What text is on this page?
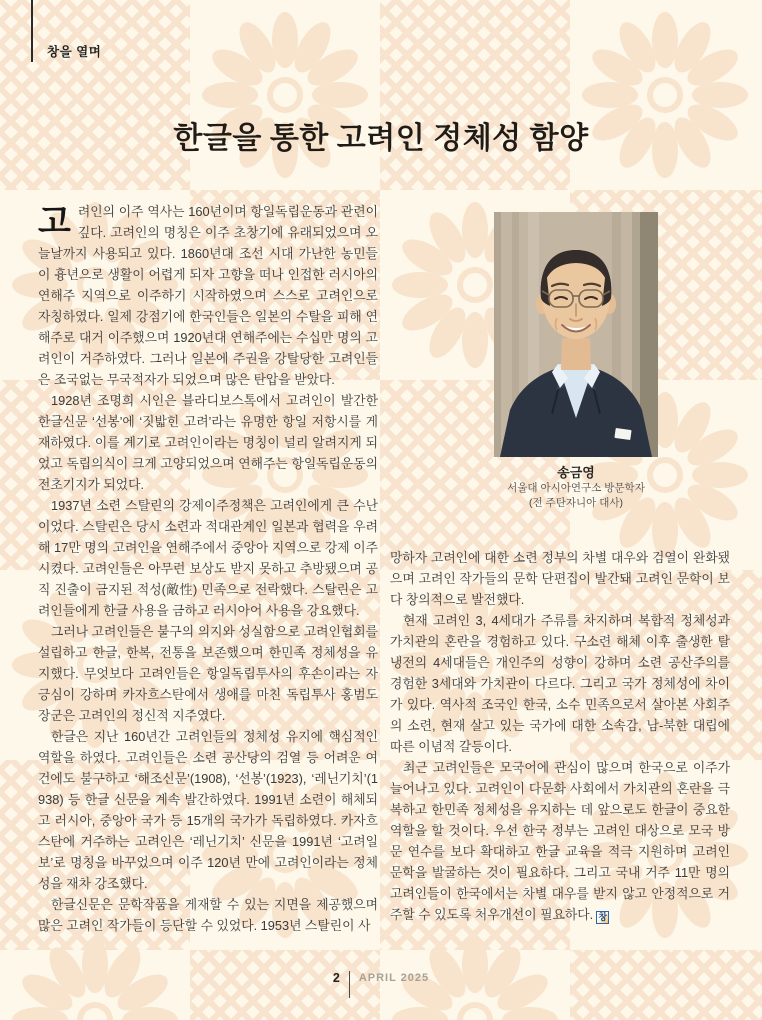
창을 열며
한글을 통한 고려인 정체성 함양

고려인의 이주 역사는 160년이며 항일독립운동과 관련이 깊다. 고려인의 명칭은 이주 초창기에 유래되었으며 오늘날까지 사용되고 있다. 1860년대 조선 시대 가난한 농민들이 흉년으로 생활이 어렵게 되자 고향을 떠나 인접한 러시아의 연해주 지역으로 이주하기 시작하였으며 스스로 고려인으로 자칭하였다. 일제 강점기에 한국인들은 일본의 수탈을 피해 연해주로 대거 이주했으며 1920년대 연해주에는 수십만 명의 고려인이 거주하였다. 그러나 일본에 주권을 강탈당한 고려인들은 조국없는 무국적자가 되었으며 많은 탄압을 받았다.

1928년 조명희 시인은 블라디보스톡에서 고려인이 발간한 한글신문 ‘선봉’에 ‘짓밟힌 고려’라는 유명한 항일 저항시를 게재하였다. 이를 계기로 고려인이라는 명칭이 널리 알려지게 되었고 독립의식이 크게 고양되었으며 연해주는 항일독립운동의 전초기지가 되었다.

1937년 소련 스탈린의 강제이주정책은 고려인에게 큰 수난이었다. 스탈린은 당시 소련과 적대관계인 일본과 협력을 우려해 17만 명의 고려인을 연해주에서 중앙아 지역으로 강제 이주시켰다. 고려인들은 아무런 보상도 받지 못하고 추방됐으며 공직 진출이 금지된 적성(敵性) 민족으로 전락했다. 스탈린은 고려인들에게 한글 사용을 금하고 러시아어 사용을 강요했다.

그러나 고려인들은 불구의 의지와 성실함으로 고려인협회를 설립하고 한글, 한복, 전통을 보존했으며 한민족 정체성을 유지했다. 무엇보다 고려인들은 항일독립투사의 후손이라는 자긍심이 강하며 카자흐스탄에서 생애를 마친 독립투사 홍범도 장군은 고려인의 정신적 지주였다.

한글은 지난 160년간 고려인들의 정체성 유지에 핵심적인 역할을 하였다. 고려인들은 소련 공산당의 검열 등 어려운 여건에도 불구하고 ‘해조신문’(1908), ‘선봉’(1923), ‘레닌기치’(1938) 등 한글 신문을 계속 발간하였다. 1991년 소련이 해체되고 러시아, 중앙아 국가 등 15개의 국가가 독립하였다. 카자흐스탄에 거주하는 고려인은 ‘레닌기치’ 신문을 1991년 ‘고려일보’로 명칭을 바꾸었으며 이주 120년 만에 고려인이라는 정체성을 재차 강조했다.

한글신문은 문학작품을 게재할 수 있는 지면을 제공했으며 많은 고려인 작가들이 등단할 수 있었다. 1953년 스탈린이 사

송금영
서울대 아시아연구소 방문학자
(전 주탄자니아 대사)

망하자 고려인에 대한 소련 정부의 차별 대우와 검열이 완화됐으며 고려인 작가들의 문학 단편집이 발간돼 고려인 문학이 보다 창의적으로 발전했다.

현재 고려인 3, 4세대가 주류를 차지하며 복합적 정체성과 가치관의 혼란을 경험하고 있다. 구소련 해체 이후 출생한 탈냉전의 4세대들은 개인주의 성향이 강하며 소련 공산주의를 경험한 3세대와 가치관이 다르다. 그리고 국가 정체성에 차이가 있다. 역사적 조국인 한국, 소수 민족으로서 살아본 사회주의 소련, 현재 살고 있는 국가에 대한 소속감, 남-북한 대립에 따른 이념적 갈등이다.

최근 고려인들은 모국어에 관심이 많으며 한국으로 이주가 늘어나고 있다. 고려인이 다문화 사회에서 가치관의 혼란을 극복하고 한민족 정체성을 유지하는 데 앞으로도 한글이 중요한 역할을 할 것이다. 우선 한국 정부는 고려인 대상으로 모국 방문 연수를 보다 확대하고 한글 교육을 적극 지원하며 고려인 문학을 발굴하는 것이 필요하다. 그리고 국내 거주 11만 명의 고려인들이 한국에서는 차별 대우를 받지 않고 안정적으로 거주할 수 있도록 처우개선이 필요하다. 창

2 APRIL 2025
